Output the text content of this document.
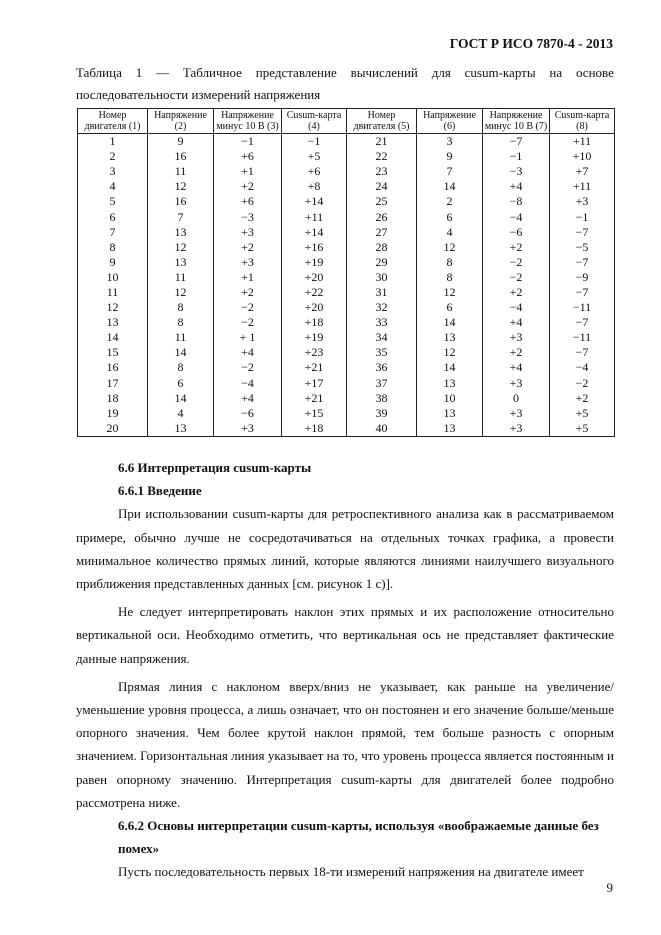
ГОСТ Р ИСО 7870-4 - 2013
Таблица 1 — Табличное представление вычислений для cusum-карты на основе
последовательности измерений напряжения
Номер двигателя (1)	Напряжение (2)	Напряжение минус 10 В (3)	Cusum-карта (4)	Номер двигателя (5)	Напряжение (6)	Напряжение минус 10 В (7)	Cusum-карта (8)
1	9	−1	−1	21	3	−7	+11
2	16	+6	+5	22	9	−1	+10
3	11	+1	+6	23	7	−3	+7
4	12	+2	+8	24	14	+4	+11
5	16	+6	+14	25	2	−8	+3
6	7	−3	+11	26	6	−4	−1
7	13	+3	+14	27	4	−6	−7
8	12	+2	+16	28	12	+2	−5
9	13	+3	+19	29	8	−2	−7
10	11	+1	+20	30	8	−2	−9
11	12	+2	+22	31	12	+2	−7
12	8	−2	+20	32	6	−4	−11
13	8	−2	+18	33	14	+4	−7
14	11	+ 1	+19	34	13	+3	−11
15	14	+4	+23	35	12	+2	−7
16	8	−2	+21	36	14	+4	−4
17	6	−4	+17	37	13	+3	−2
18	14	+4	+21	38	10	0	+2
19	4	−6	+15	39	13	+3	+5
20	13	+3	+18	40	13	+3	+5
6.6 Интерпретация cusum-карты
6.6.1 Введение

При использовании cusum-карты для ретроспективного анализа как в рассматриваемом примере, обычно лучше не сосредотачиваться на отдельных точках графика, а провести минимальное количество прямых линий, которые являются линиями наилучшего визуального приближения представленных данных [см. рисунок 1 с)].

Не следует интерпретировать наклон этих прямых и их расположение относительно вертикальной оси. Необходимо отметить, что вертикальная ось не представляет фактические данные напряжения.

Прямая линия с наклоном вверх/вниз не указывает, как раньше на увеличение/уменьшение уровня процесса, а лишь означает, что он постоянен и его значение больше/меньше опорного значения. Чем более крутой наклон прямой, тем больше разность с опорным значением. Горизонтальная линия указывает на то, что уровень процесса является постоянным и равен опорному значению. Интерпретация cusum-карты для двигателей более подробно рассмотрена ниже.

6.6.2 Основы интерпретации cusum-карты, используя «воображаемые данные без помех»

Пусть последовательность первых 18-ти измерений напряжения на двигателе имеет

9
